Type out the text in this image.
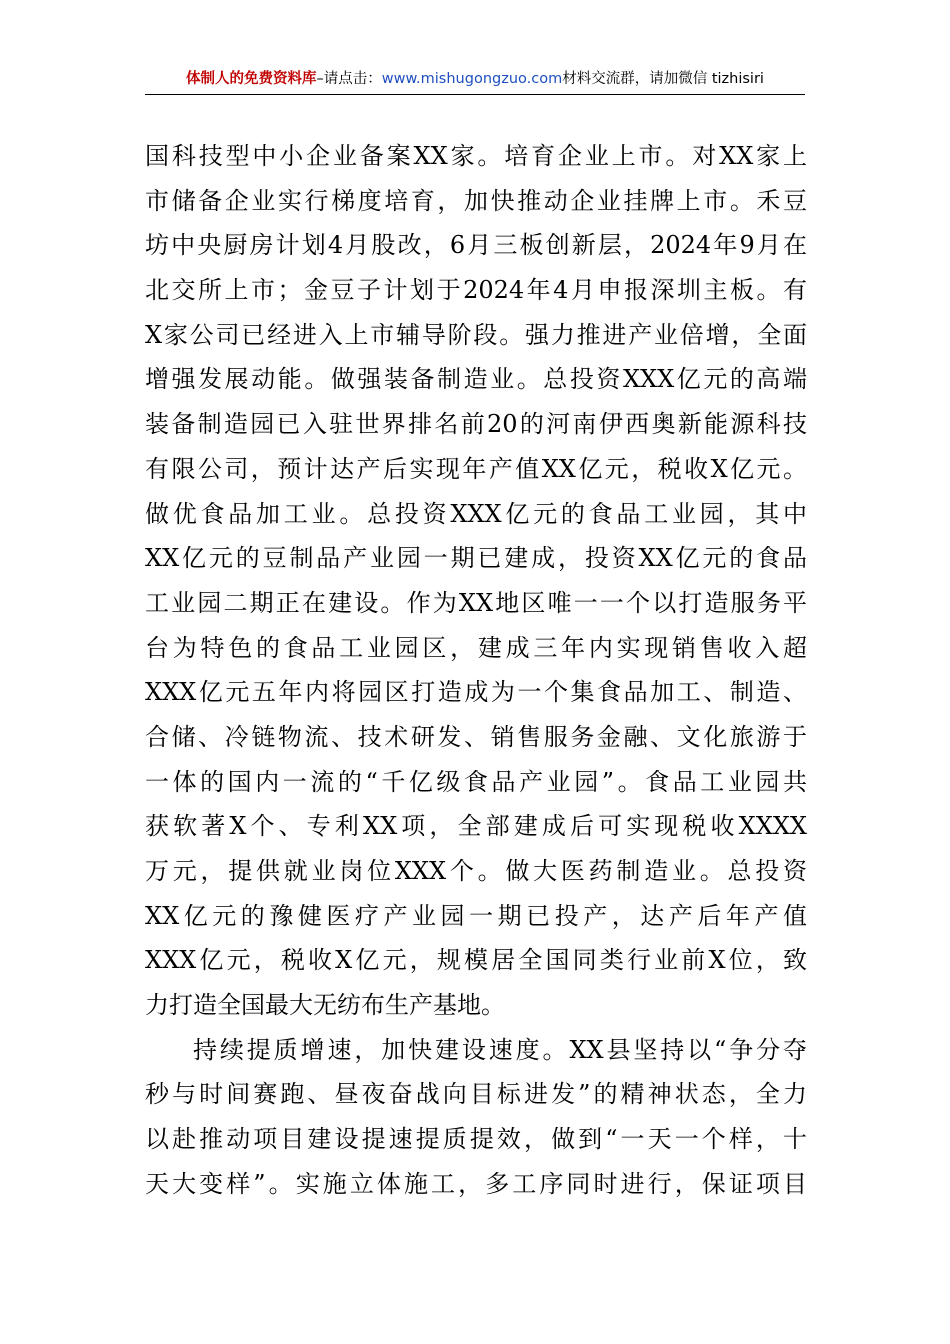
体制人的免费资料库–请点击：www.mishugongzuo.com材料交流群，请加微信 tizhisiri
国科技型中小企业备案XX家。培育企业上市。对XX家上
市储备企业实行梯度培育，加快推动企业挂牌上市。禾豆
坊中央厨房计划4月股改，6月三板创新层，2024年9月在
北交所上市；金豆子计划于2024年4月申报深圳主板。有
X家公司已经进入上市辅导阶段。强力推进产业倍增，全面
增强发展动能。做强装备制造业。总投资XXX亿元的高端
装备制造园已入驻世界排名前20的河南伊西奥新能源科技
有限公司，预计达产后实现年产值XX亿元，税收X亿元。
做优食品加工业。总投资XXX亿元的食品工业园，其中
XX亿元的豆制品产业园一期已建成，投资XX亿元的食品
工业园二期正在建设。作为XX地区唯一一个以打造服务平
台为特色的食品工业园区，建成三年内实现销售收入超
XXX亿元五年内将园区打造成为一个集食品加工、制造、
合储、冷链物流、技术研发、销售服务金融、文化旅游于
一体的国内一流的“千亿级食品产业园”。食品工业园共
获软著X个、专利XX项，全部建成后可实现税收XXXX
万元，提供就业岗位XXX个。做大医药制造业。总投资
XX亿元的豫健医疗产业园一期已投产，达产后年产值
XXX亿元，税收X亿元，规模居全国同类行业前X位，致
力打造全国最大无纺布生产基地。
持续提质增速，加快建设速度。XX县坚持以“争分夺
秒与时间赛跑、昼夜奋战向目标进发”的精神状态，全力
以赴推动项目建设提速提质提效，做到“一天一个样，十
天大变样”。实施立体施工，多工序同时进行，保证项目
